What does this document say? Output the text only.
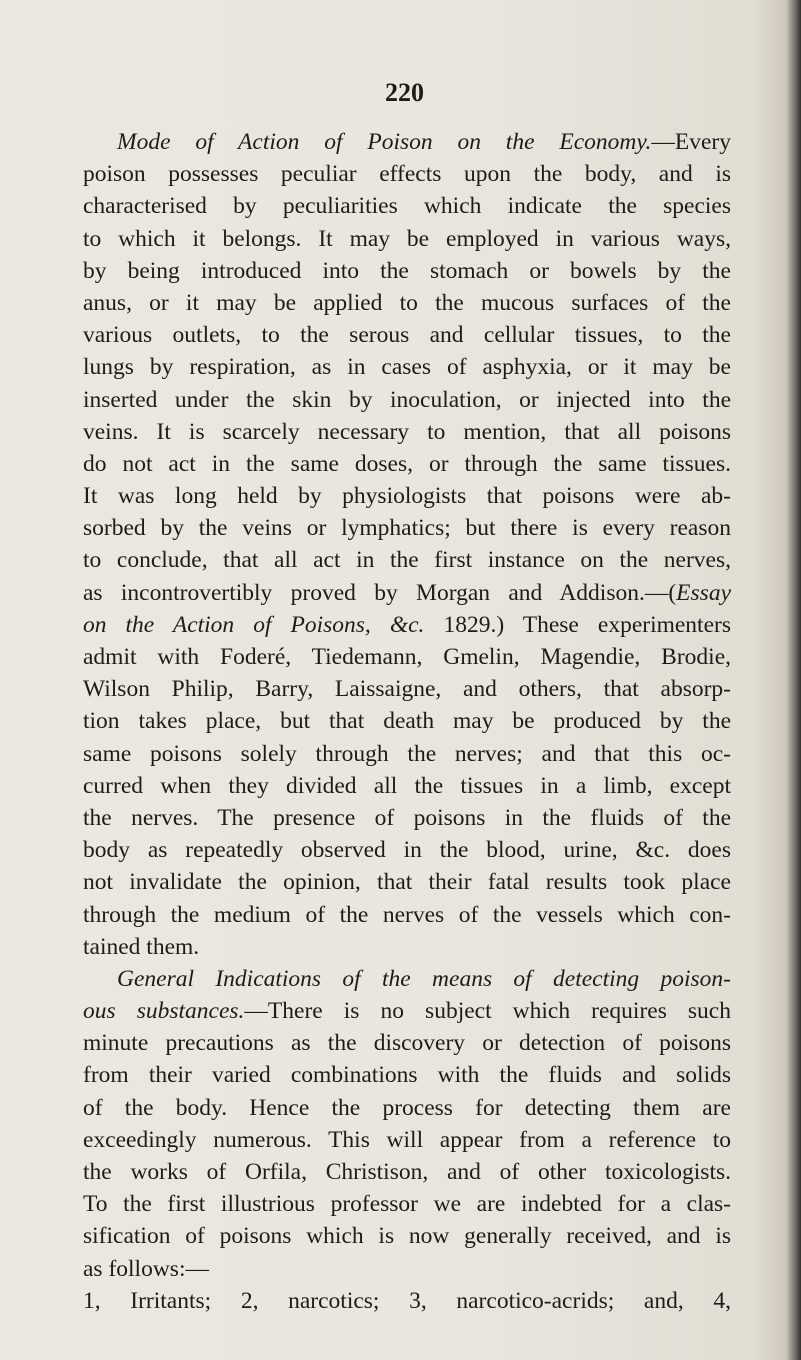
220
Mode of Action of Poison on the Economy.—Every
poison possesses peculiar effects upon the body, and is
characterised by peculiarities which indicate the species
to which it belongs. It may be employed in various ways,
by being introduced into the stomach or bowels by the
anus, or it may be applied to the mucous surfaces of the
various outlets, to the serous and cellular tissues, to the
lungs by respiration, as in cases of asphyxia, or it may be
inserted under the skin by inoculation, or injected into the
veins. It is scarcely necessary to mention, that all poisons
do not act in the same doses, or through the same tissues.
It was long held by physiologists that poisons were ab-
sorbed by the veins or lymphatics; but there is every reason
to conclude, that all act in the first instance on the nerves,
as incontrovertibly proved by Morgan and Addison.—(Essay
on the Action of Poisons, &c. 1829.) These experimenters
admit with Foderé, Tiedemann, Gmelin, Magendie, Brodie,
Wilson Philip, Barry, Laissaigne, and others, that absorp-
tion takes place, but that death may be produced by the
same poisons solely through the nerves; and that this oc-
curred when they divided all the tissues in a limb, except
the nerves. The presence of poisons in the fluids of the
body as repeatedly observed in the blood, urine, &c. does
not invalidate the opinion, that their fatal results took place
through the medium of the nerves of the vessels which con-
tained them.
General Indications of the means of detecting poison-
ous substances.—There is no subject which requires such
minute precautions as the discovery or detection of poisons
from their varied combinations with the fluids and solids
of the body. Hence the process for detecting them are
exceedingly numerous. This will appear from a reference to
the works of Orfila, Christison, and of other toxicologists.
To the first illustrious professor we are indebted for a clas-
sification of poisons which is now generally received, and is
as follows:—
1, Irritants; 2, narcotics; 3, narcotico-acrids; and, 4,
